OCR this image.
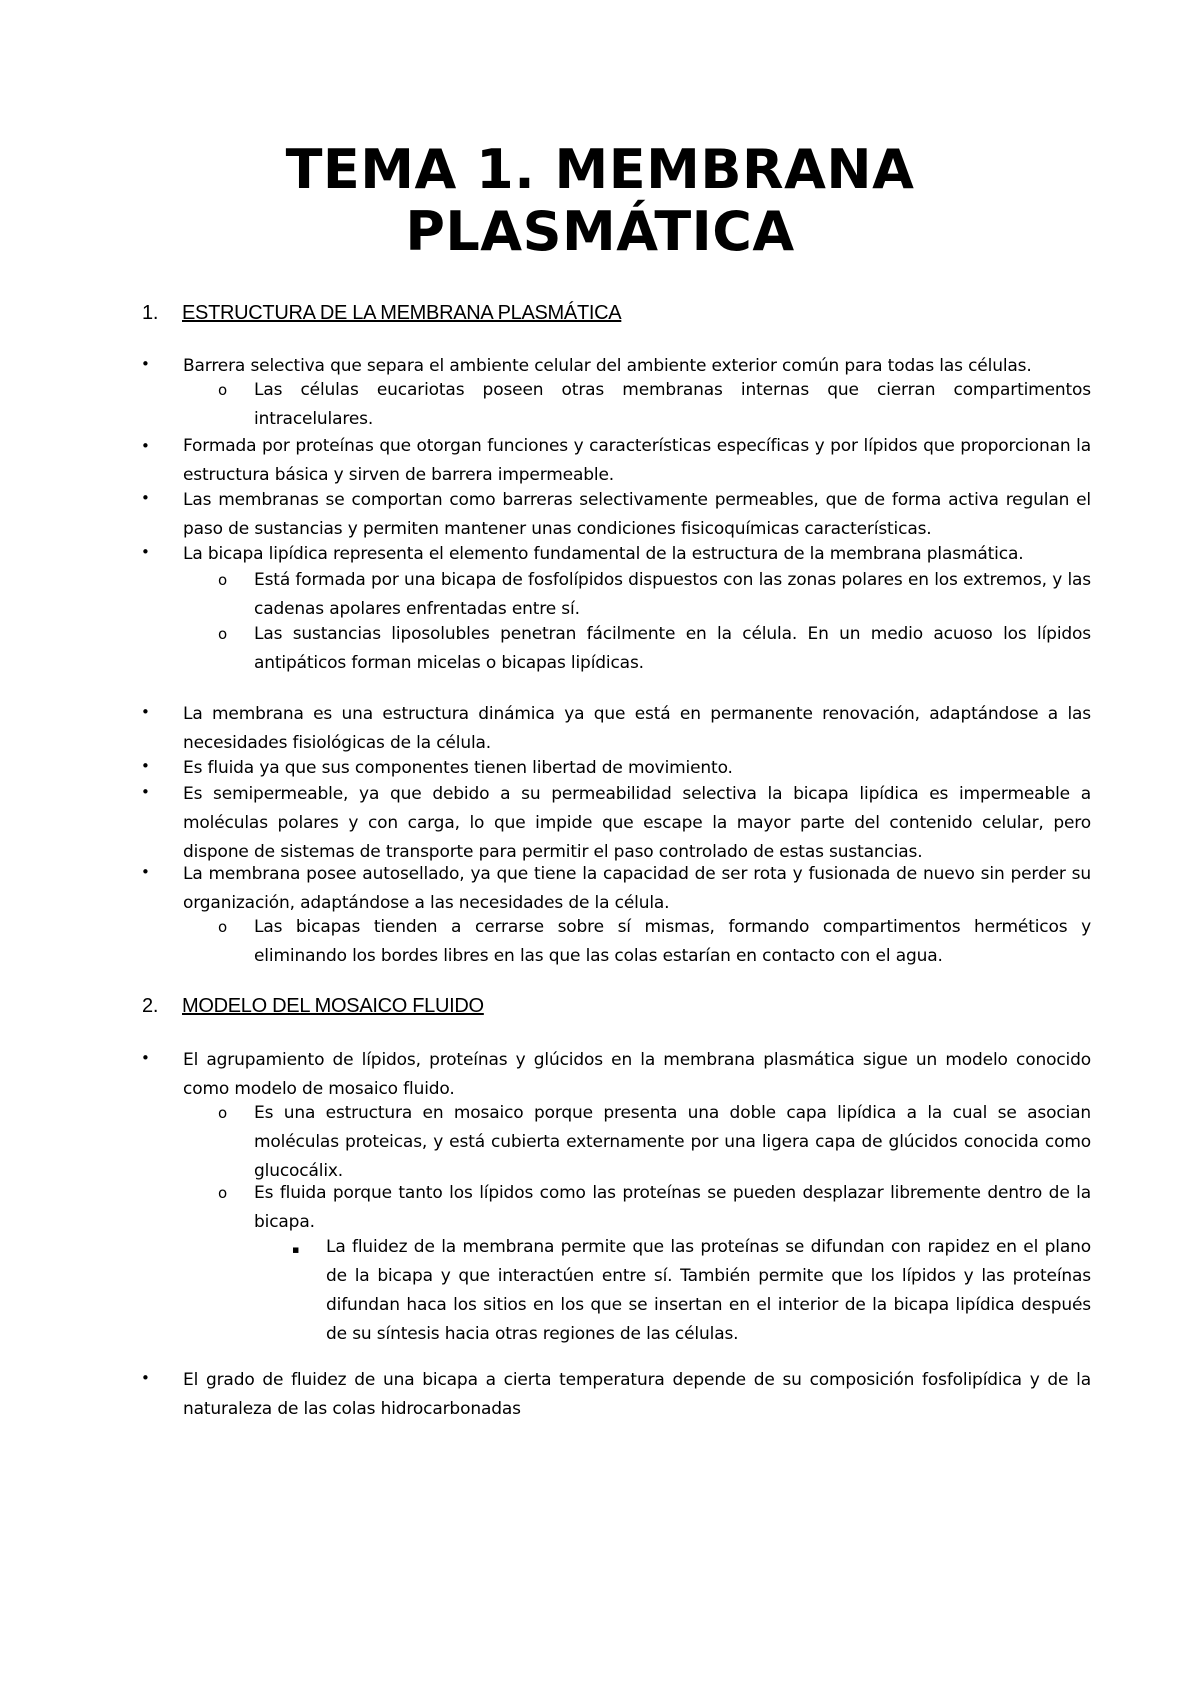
TEMA 1. MEMBRANA
PLASMÁTICA
1. ESTRUCTURA DE LA MEMBRANA PLASMÁTICA
• Barrera selectiva que separa el ambiente celular del ambiente exterior común para todas las células.
o Las células eucariotas poseen otras membranas internas que cierran compartimentos intracelulares.
• Formada por proteínas que otorgan funciones y características específicas y por lípidos que proporcionan la estructura básica y sirven de barrera impermeable.
• Las membranas se comportan como barreras selectivamente permeables, que de forma activa regulan el paso de sustancias y permiten mantener unas condiciones fisicoquímicas características.
• La bicapa lipídica representa el elemento fundamental de la estructura de la membrana plasmática.
o Está formada por una bicapa de fosfolípidos dispuestos con las zonas polares en los extremos, y las cadenas apolares enfrentadas entre sí.
o Las sustancias liposolubles penetran fácilmente en la célula. En un medio acuoso los lípidos antipáticos forman micelas o bicapas lipídicas.
• La membrana es una estructura dinámica ya que está en permanente renovación, adaptándose a las necesidades fisiológicas de la célula.
• Es fluida ya que sus componentes tienen libertad de movimiento.
• Es semipermeable, ya que debido a su permeabilidad selectiva la bicapa lipídica es impermeable a moléculas polares y con carga, lo que impide que escape la mayor parte del contenido celular, pero dispone de sistemas de transporte para permitir el paso controlado de estas sustancias.
• La membrana posee autosellado, ya que tiene la capacidad de ser rota y fusionada de nuevo sin perder su organización, adaptándose a las necesidades de la célula.
o Las bicapas tienden a cerrarse sobre sí mismas, formando compartimentos herméticos y eliminando los bordes libres en las que las colas estarían en contacto con el agua.
2. MODELO DEL MOSAICO FLUIDO
• El agrupamiento de lípidos, proteínas y glúcidos en la membrana plasmática sigue un modelo conocido como modelo de mosaico fluido.
o Es una estructura en mosaico porque presenta una doble capa lipídica a la cual se asocian moléculas proteicas, y está cubierta externamente por una ligera capa de glúcidos conocida como glucocálix.
o Es fluida porque tanto los lípidos como las proteínas se pueden desplazar libremente dentro de la bicapa.
▪ La fluidez de la membrana permite que las proteínas se difundan con rapidez en el plano de la bicapa y que interactúen entre sí. También permite que los lípidos y las proteínas difundan haca los sitios en los que se insertan en el interior de la bicapa lipídica después de su síntesis hacia otras regiones de las células.
• El grado de fluidez de una bicapa a cierta temperatura depende de su composición fosfolipídica y de la naturaleza de las colas hidrocarbonadas
